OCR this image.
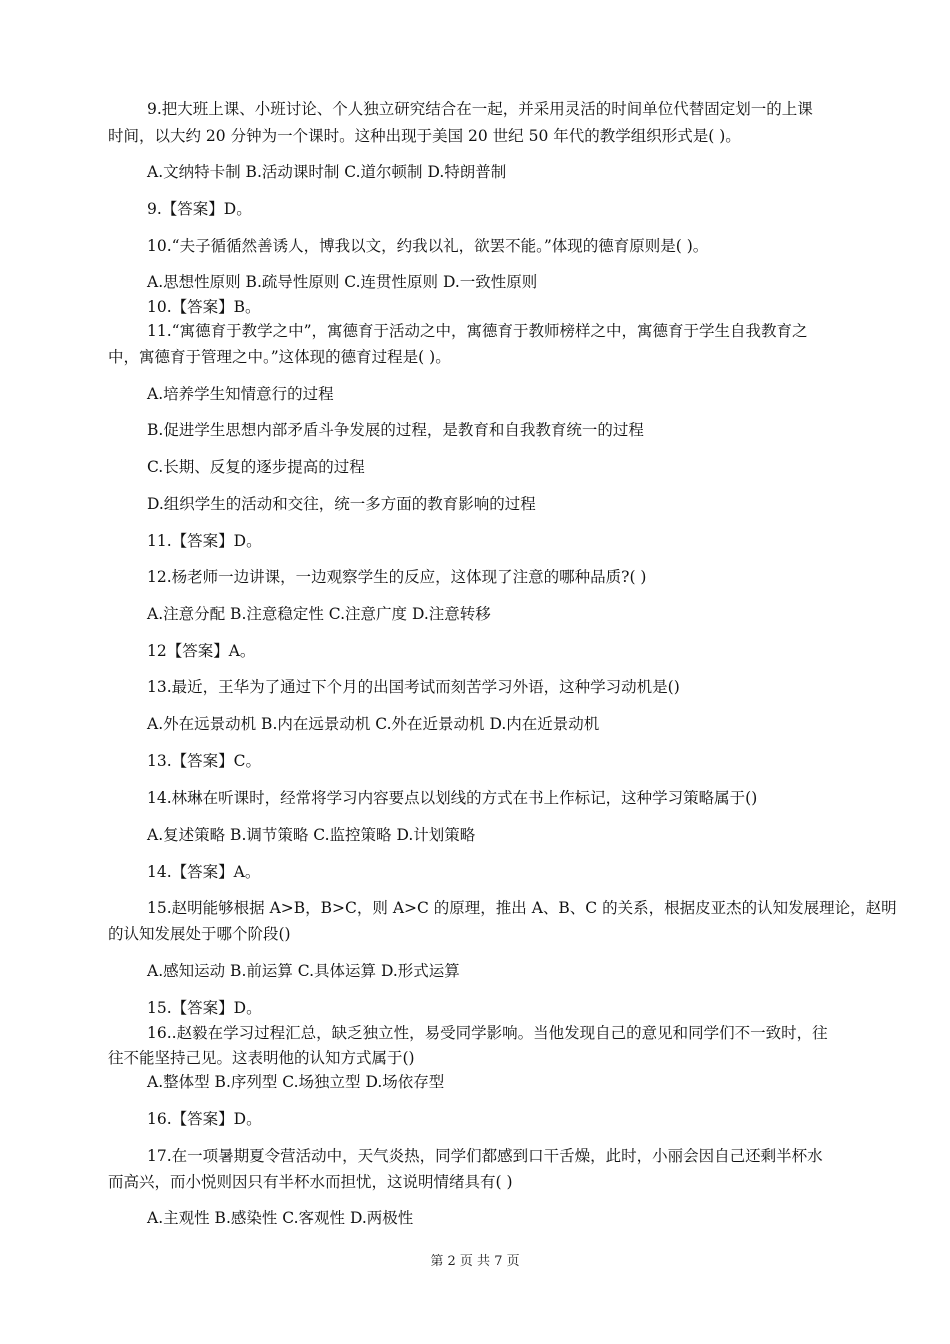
9.把大班上课、小班讨论、个人独立研究结合在一起，并采用灵活的时间单位代替固定划一的上课
时间，以大约 20 分钟为一个课时。这种出现于美国 20 世纪 50 年代的教学组织形式是( )。
A.文纳特卡制 B.活动课时制 C.道尔顿制 D.特朗普制
9.【答案】D。
10.“夫子循循然善诱人，博我以文，约我以礼，欲罢不能。”体现的德育原则是( )。
A.思想性原则 B.疏导性原则 C.连贯性原则 D.一致性原则
10.【答案】B。
11.“寓德育于教学之中”，寓德育于活动之中，寓德育于教师榜样之中，寓德育于学生自我教育之
中，寓德育于管理之中。”这体现的德育过程是( )。
A.培养学生知情意行的过程
B.促进学生思想内部矛盾斗争发展的过程，是教育和自我教育统一的过程
C.长期、反复的逐步提高的过程
D.组织学生的活动和交往，统一多方面的教育影响的过程
11.【答案】D。
12.杨老师一边讲课，一边观察学生的反应，这体现了注意的哪种品质?( )
A.注意分配 B.注意稳定性 C.注意广度 D.注意转移
12【答案】A。
13.最近，王华为了通过下个月的出国考试而刻苦学习外语，这种学习动机是()
A.外在远景动机 B.内在远景动机 C.外在近景动机 D.内在近景动机
13.【答案】C。
14.林琳在听课时，经常将学习内容要点以划线的方式在书上作标记，这种学习策略属于()
A.复述策略 B.调节策略 C.监控策略 D.计划策略
14.【答案】A。
15.赵明能够根据 A>B，B>C，则 A>C 的原理，推出 A、B、C 的关系，根据皮亚杰的认知发展理论，赵明
的认知发展处于哪个阶段()
A.感知运动 B.前运算 C.具体运算 D.形式运算
15.【答案】D。
16..赵毅在学习过程汇总，缺乏独立性，易受同学影响。当他发现自己的意见和同学们不一致时，往
往不能坚持己见。这表明他的认知方式属于()
A.整体型 B.序列型 C.场独立型 D.场依存型
16.【答案】D。
17.在一项暑期夏令营活动中，天气炎热，同学们都感到口干舌燥，此时，小丽会因自己还剩半杯水
而高兴，而小悦则因只有半杯水而担忧，这说明情绪具有( )
A.主观性 B.感染性 C.客观性 D.两极性
第 2 页 共 7 页
